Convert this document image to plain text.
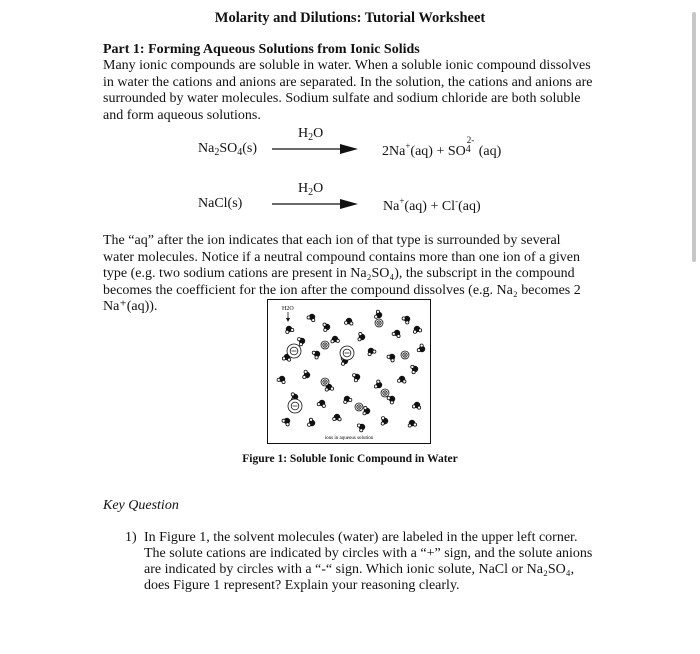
Molarity and Dilutions: Tutorial Worksheet
Part 1: Forming Aqueous Solutions from Ionic Solids

Many ionic compounds are soluble in water. When a soluble ionic compound dissolves in water the cations and anions are separated. In the solution, the cations and anions are surrounded by water molecules. Sodium sulfate and sodium chloride are both soluble and form aqueous solutions.

$Na_2SO_4(s)$
$H_2O$
2Na+(aq) + SO 4
2-
(aq)
NaCl(s)
$H_2O$
Na+(aq) + Cl-(aq)

The “aq” after the ion indicates that each ion of that type is surrounded by several water molecules. Notice if a neutral compound contains more than one ion of a given type (e.g. two sodium cations are present in Na₂SO₄), the subscript in the compound becomes the coefficient for the ion after the compound dissolves (e.g. Na₂ becomes 2 Na⁺(aq)).	H2O
ions in aqueous solution
Figure 1: Soluble Ionic Compound in Water
Key Question
1) In Figure 1, the solvent molecules (water) are labeled in the upper left corner. The solute cations are indicated by circles with a “+” sign, and the solute anions are indicated by circles with a “-“ sign. Which ionic solute, NaCl or Na₂SO₄, does Figure 1 represent? Explain your reasoning clearly.
